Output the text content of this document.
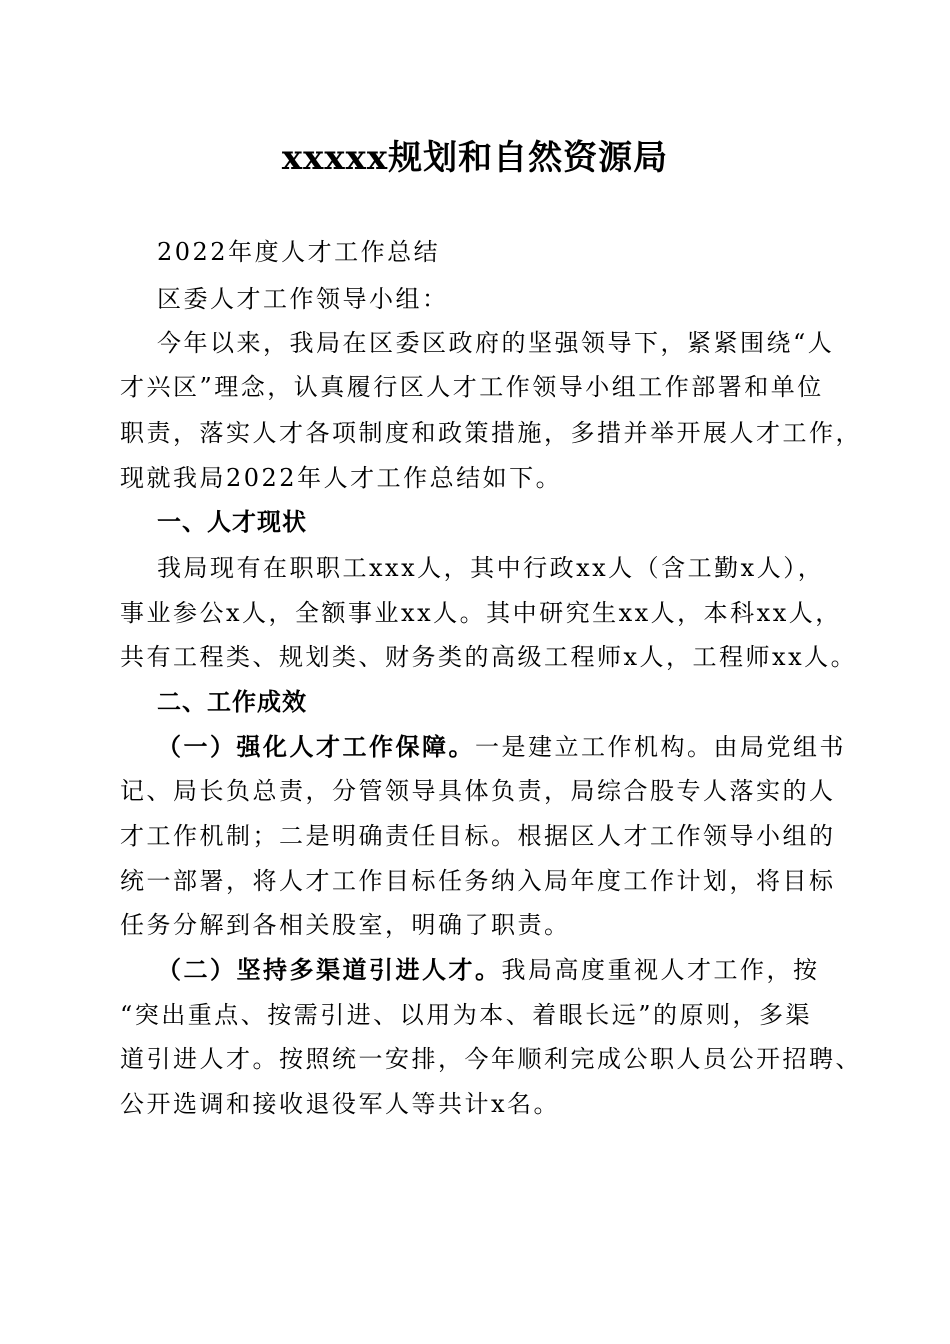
xxxxx规划和自然资源局
2022年度人才工作总结
区委人才工作领导小组：
今年以来，我局在区委区政府的坚强领导下，紧紧围绕“人
才兴区”理念，认真履行区人才工作领导小组工作部署和单位
职责，落实人才各项制度和政策措施，多措并举开展人才工作，
现就我局2022年人才工作总结如下。
一、人才现状
我局现有在职职工xxx人，其中行政xx人（含工勤x人），
事业参公x人，全额事业xx人。其中研究生xx人，本科xx人，
共有工程类、规划类、财务类的高级工程师x人，工程师xx人。
二、工作成效
（一）强化人才工作保障。一是建立工作机构。由局党组书
记、局长负总责，分管领导具体负责，局综合股专人落实的人
才工作机制；二是明确责任目标。根据区人才工作领导小组的
统一部署，将人才工作目标任务纳入局年度工作计划，将目标
任务分解到各相关股室，明确了职责。
（二）坚持多渠道引进人才。我局高度重视人才工作，按
“突出重点、按需引进、以用为本、着眼长远”的原则，多渠
道引进人才。按照统一安排，今年顺利完成公职人员公开招聘、
公开选调和接收退役军人等共计x名。
